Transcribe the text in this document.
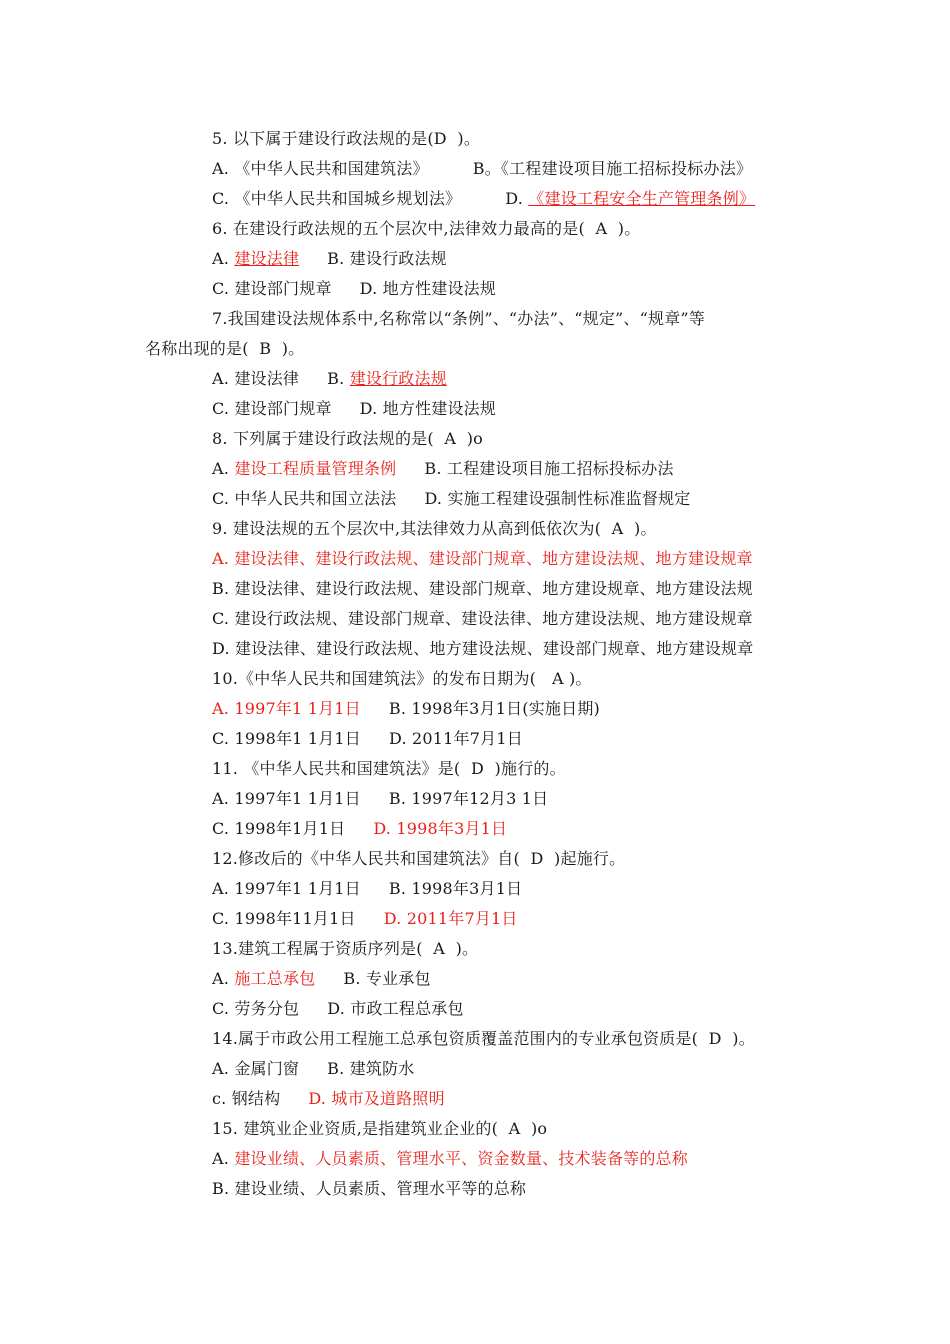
5. 以下属于建设行政法规的是(D  )。
A. 《中华人民共和国建筑法》	B。《工程建设项目施工招标投标办法》
C. 《中华人民共和国城乡规划法》	D. 《建设工程安全生产管理条例》
6. 在建设行政法规的五个层次中,法律效力最高的是(  A  )。
A. 建设法律 B. 建设行政法规
C. 建设部门规章 D. 地方性建设法规
7.我国建设法规体系中,名称常以“条例”、“办法”、“规定”、“规章”等
名称出现的是(  B  )。
A. 建设法律 B. 建设行政法规
C. 建设部门规章 D. 地方性建设法规
8. 下列属于建设行政法规的是(  A  )o
A. 建设工程质量管理条例 B. 工程建设项目施工招标投标办法
C. 中华人民共和国立法法 D. 实施工程建设强制性标准监督规定
9. 建设法规的五个层次中,其法律效力从高到低依次为(  A  )。
A. 建设法律、建设行政法规、建设部门规章、地方建设法规、地方建设规章
B. 建设法律、建设行政法规、建设部门规章、地方建设规章、地方建设法规
C. 建设行政法规、建设部门规章、建设法律、地方建设法规、地方建设规章
D. 建设法律、建设行政法规、地方建设法规、建设部门规章、地方建设规章
10.《中华人民共和国建筑法》的发布日期为(   A )。
A. 1997年1 1月1日 B. 1998年3月1日(实施日期)
C. 1998年1 1月1日 D. 2011年7月1日
11. 《中华人民共和国建筑法》是(  D  )施行的。
A. 1997年1 1月1日 B. 1997年12月3 1日
C. 1998年1月1日 D. 1998年3月1日
12.修改后的《中华人民共和国建筑法》自(  D  )起施行。
A. 1997年1 1月1日 B. 1998年3月1日
C. 1998年11月1日 D. 2011年7月1日
13.建筑工程属于资质序列是(  A  )。
A. 施工总承包 B. 专业承包
C. 劳务分包 D. 市政工程总承包
14.属于市政公用工程施工总承包资质覆盖范围内的专业承包资质是(  D  )。
A. 金属门窗 B. 建筑防水
c. 钢结构 D. 城市及道路照明
15. 建筑业企业资质,是指建筑业企业的(  A  )o
A. 建设业绩、人员素质、管理水平、资金数量、技术装备等的总称
B. 建设业绩、人员素质、管理水平等的总称
